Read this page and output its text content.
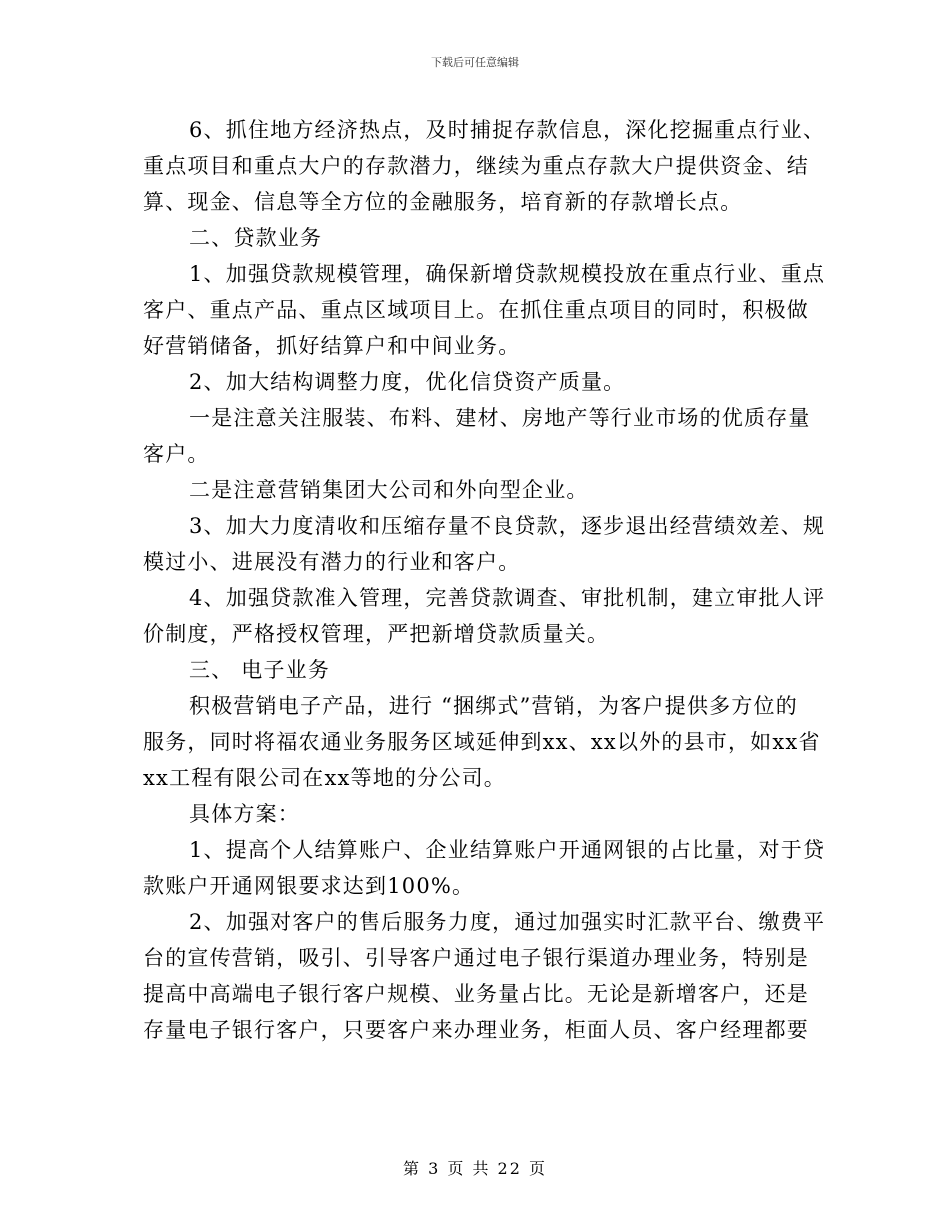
下载后可任意编辑
6、抓住地方经济热点，及时捕捉存款信息，深化挖掘重点行业、
重点项目和重点大户的存款潜力，继续为重点存款大户提供资金、结
算、现金、信息等全方位的金融服务，培育新的存款增长点。
二、贷款业务
1、加强贷款规模管理，确保新增贷款规模投放在重点行业、重点
客户、重点产品、重点区域项目上。在抓住重点项目的同时，积极做
好营销储备，抓好结算户和中间业务。
2、加大结构调整力度，优化信贷资产质量。
一是注意关注服装、布料、建材、房地产等行业市场的优质存量
客户。
二是注意营销集团大公司和外向型企业。
3、加大力度清收和压缩存量不良贷款，逐步退出经营绩效差、规
模过小、进展没有潜力的行业和客户。
4、加强贷款准入管理，完善贷款调查、审批机制，建立审批人评
价制度，严格授权管理，严把新增贷款质量关。
三、 电子业务
积极营销电子产品，进行 “捆绑式”营销，为客户提供多方位的
服务，同时将福农通业务服务区域延伸到xx、xx以外的县市，如xx省
xx工程有限公司在xx等地的分公司。
具体方案：
1、提高个人结算账户、企业结算账户开通网银的占比量，对于贷
款账户开通网银要求达到100%。
2、加强对客户的售后服务力度，通过加强实时汇款平台、缴费平
台的宣传营销，吸引、引导客户通过电子银行渠道办理业务，特别是
提高中高端电子银行客户规模、业务量占比。无论是新增客户，还是
存量电子银行客户，只要客户来办理业务，柜面人员、客户经理都要
第 3 页 共 22 页
